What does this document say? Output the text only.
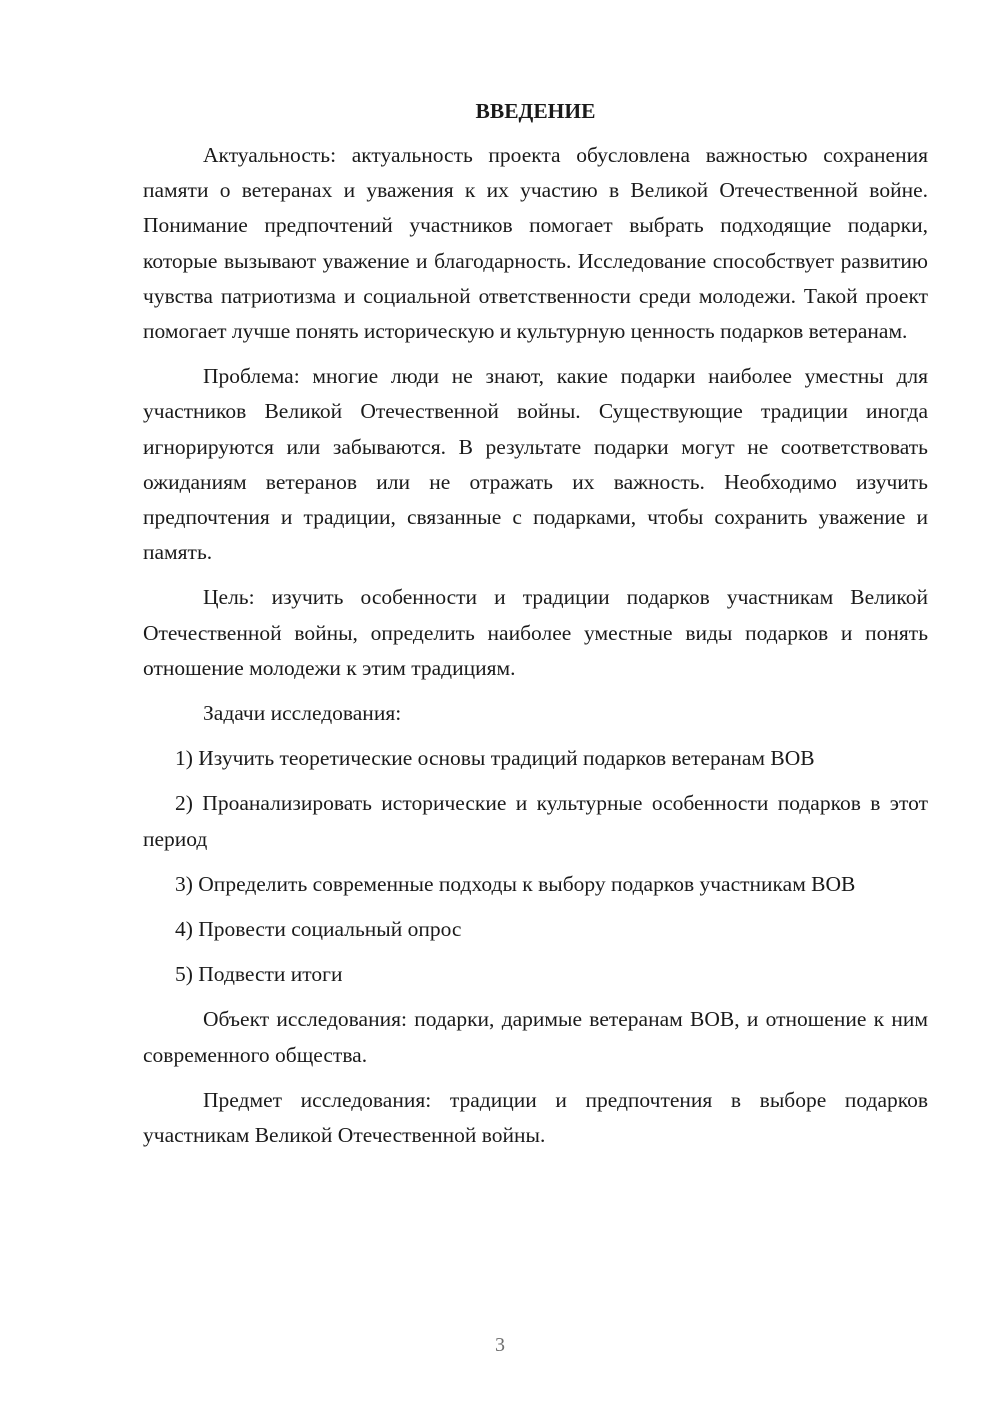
ВВЕДЕНИЕ

Актуальность: актуальность проекта обусловлена важностью сохранения памяти о ветеранах и уважения к их участию в Великой Отечественной войне. Понимание предпочтений участников помогает выбрать подходящие подарки, которые вызывают уважение и благодарность. Исследование способствует развитию чувства патриотизма и социальной ответственности среди молодежи. Такой проект помогает лучше понять историческую и культурную ценность подарков ветеранам.

Проблема: многие люди не знают, какие подарки наиболее уместны для участников Великой Отечественной войны. Существующие традиции иногда игнорируются или забываются. В результате подарки могут не соответствовать ожиданиям ветеранов или не отражать их важность. Необходимо изучить предпочтения и традиции, связанные с подарками, чтобы сохранить уважение и память.

Цель: изучить особенности и традиции подарков участникам Великой Отечественной войны, определить наиболее уместные виды подарков и понять отношение молодежи к этим традициям.

Задачи исследования:

1) Изучить теоретические основы традиций подарков ветеранам ВОВ

2) Проанализировать исторические и культурные особенности подарков в этот период

3) Определить современные подходы к выбору подарков участникам ВОВ

4) Провести социальный опрос

5) Подвести итоги

Объект исследования: подарки, даримые ветеранам ВОВ, и отношение к ним современного общества.

Предмет исследования: традиции и предпочтения в выборе подарков участникам Великой Отечественной войны.

3
